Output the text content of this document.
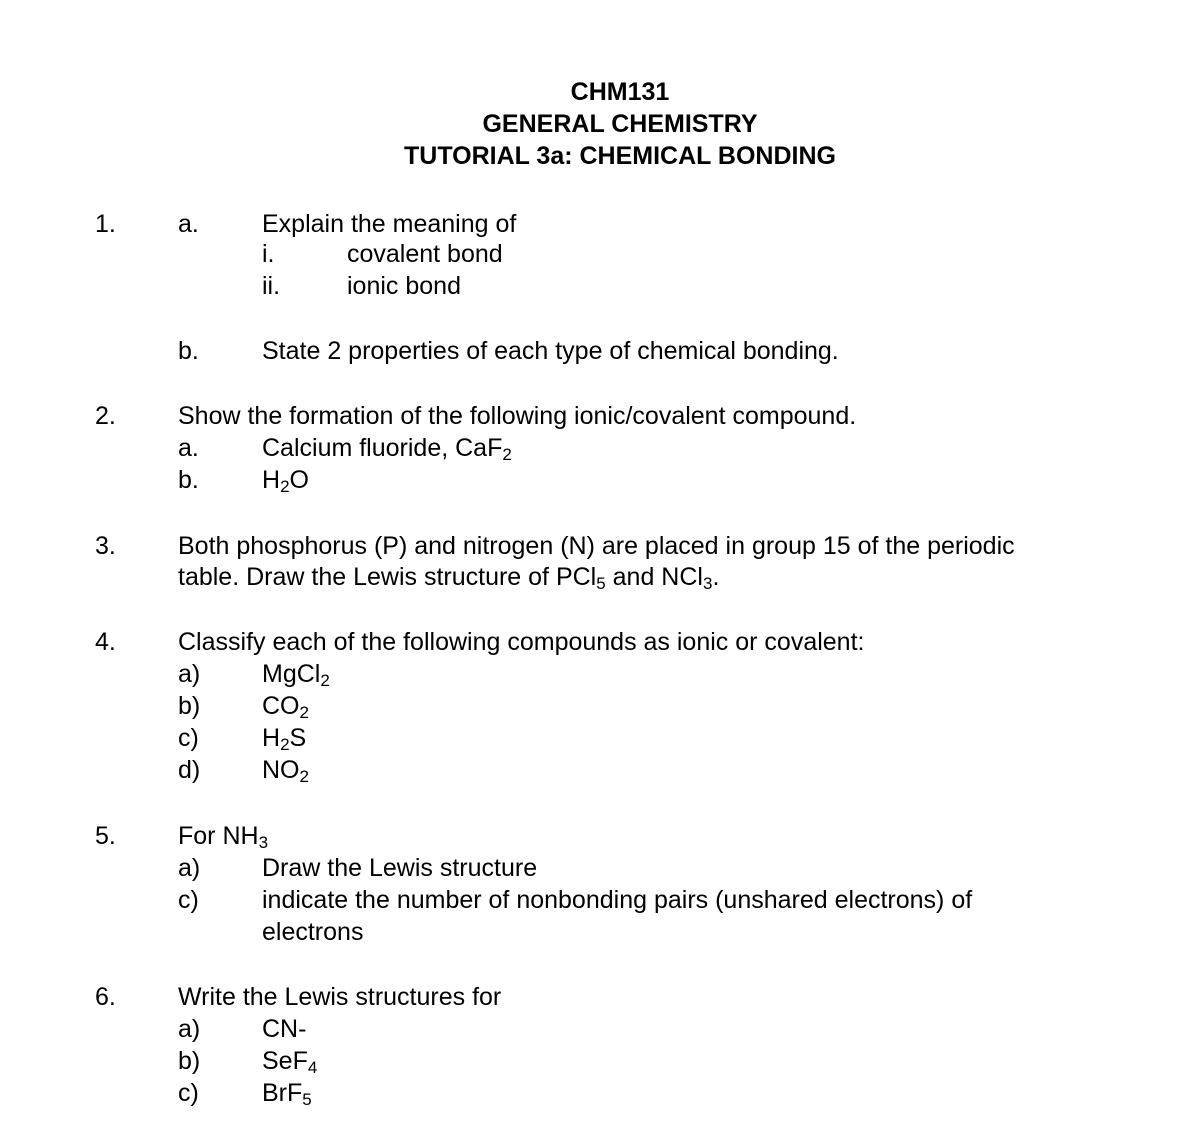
CHM131
GENERAL CHEMISTRY
TUTORIAL 3a: CHEMICAL BONDING
1. a.	Explain the meaning of
i.	covalent bond
ii.	ionic bond
b.	State 2 properties of each type of chemical bonding.
2. Show the formation of the following ionic/covalent compound.
a.	Calcium fluoride, CaF$_2$
b.	$H_2O$
3. Both phosphorus (P) and nitrogen (N) are placed in group 15 of the periodic
table. Draw the Lewis structure of PCl$_5$ and NCl$_3$.
4. Classify each of the following compounds as ionic or covalent:
a) MgCl$_2$
b) $CO_2$
c)	$H_2S$
d) $NO_2$
5. For $NH_3$
a) Draw the Lewis structure
c)	indicate the number of nonbonding pairs (unshared electrons) of
electrons
6. Write the Lewis structures for
a) CN-
b) SeF$_4$
c)	BrF$_5$
